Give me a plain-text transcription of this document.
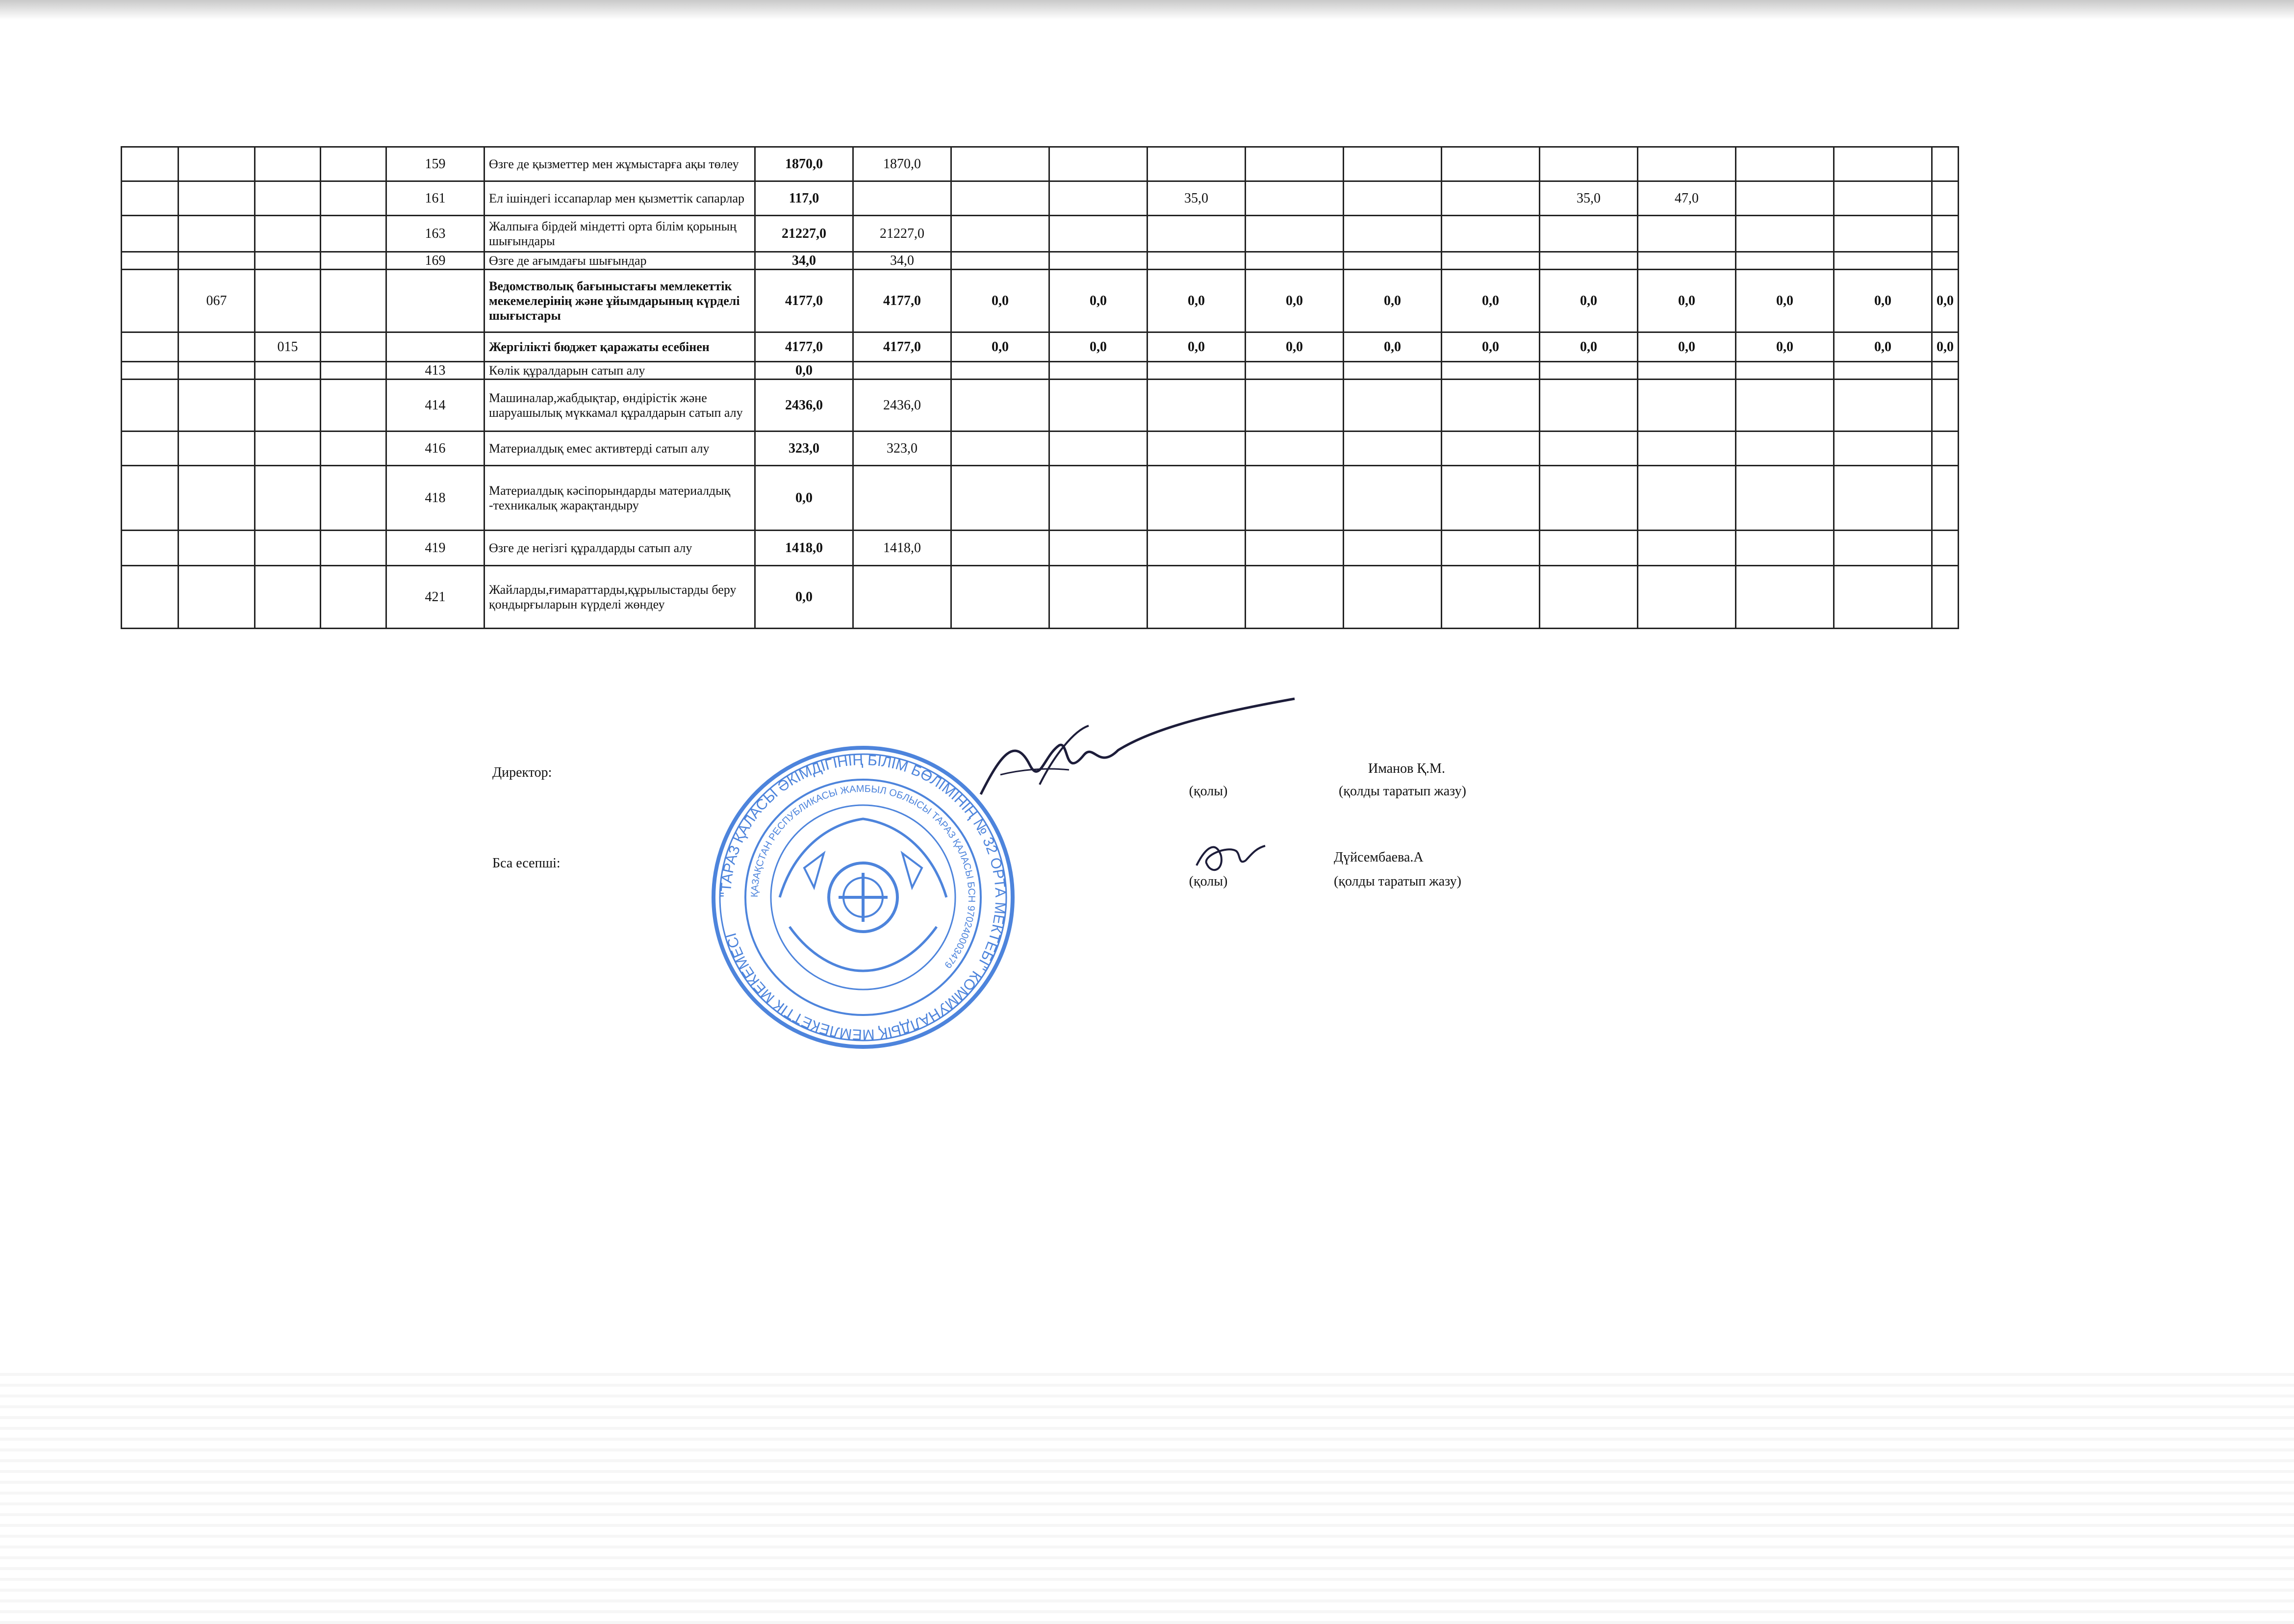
				159	Өзге де қызметтер мен жұмыстарға ақы төлеу	1870,0	1870,0											
				161	Ел ішіндегі іссапарлар мен қызметтік сапарлар	117,0				35,0				35,0	47,0			
				163	Жалпыға бірдей міндетті орта білім қорының шығындары	21227,0	21227,0											
				169	Өзге де ағымдағы шығындар	34,0	34,0											
	067				Ведомстволық бағыныстағы мемлекеттік мекемелерінің және ұйымдарының күрделі шығыстары	4177,0	4177,0	0,0	0,0	0,0	0,0	0,0	0,0	0,0	0,0	0,0	0,0	0,0
		015			Жергілікті бюджет қаражаты есебінен	4177,0	4177,0	0,0	0,0	0,0	0,0	0,0	0,0	0,0	0,0	0,0	0,0	0,0
				413	Көлік құралдарын сатып алу	0,0												
				414	Машиналар,жабдықтар, өндірістік және шаруашылық мүккамал құралдарын сатып алу	2436,0	2436,0											
				416	Материалдық емес активтерді сатып алу	323,0	323,0											
				418	Материалдық кәсіпорындарды материалдық -техникалық жарақтандыру	0,0												
				419	Өзге де негізгі құралдарды сатып алу	1418,0	1418,0											
				421	Жайларды,ғимараттарды,құрылыстарды беру қондырғыларын күрделі жөндеу	0,0												
Директор:	Иманов Қ.М.
(қолы)	(қолды таратып жазу)
Бса есепші:	Дүйсембаева.А
(қолы)	(қолды таратып жазу)
"ТАРАЗ ҚАЛАСЫ ӘКІМДІГІНІҢ БІЛІМ БӨЛІМІНІҢ № 32 ОРТА МЕКТЕБІ" КОММУНАЛДЫҚ МЕМЛЕКЕТТІК МЕКЕМЕСІ
ҚАЗАҚСТАН РЕСПУБЛИКАСЫ ЖАМБЫЛ ОБЛЫСЫ ТАРАЗ ҚАЛАСЫ БСН 970240003479
